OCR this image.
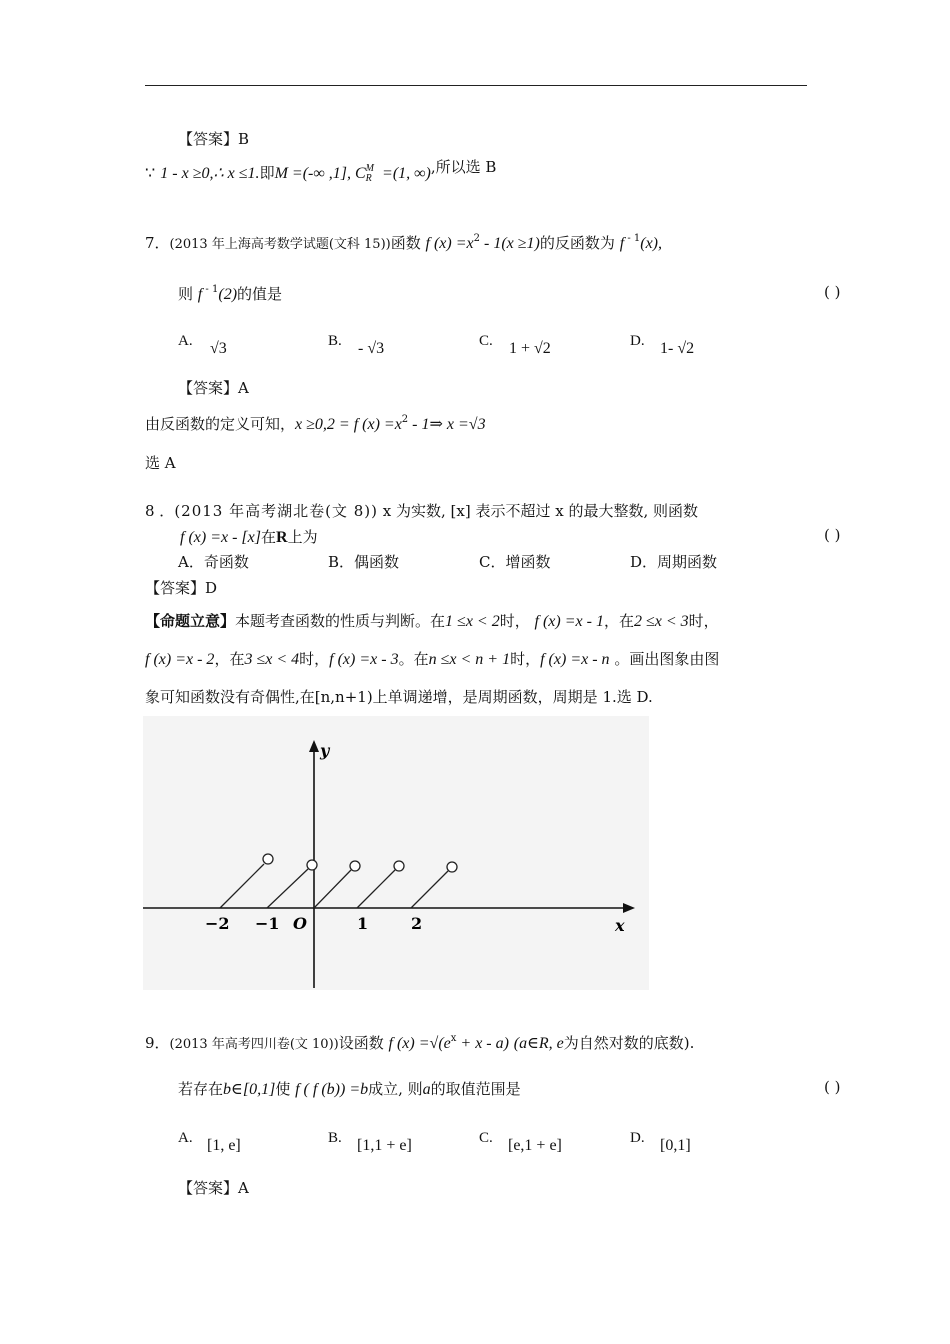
【答案】B
∵ 1 - x ≥0,∴ x ≤1.即M =(-∞ ,1], C M
R =(1, ∞),所以选 B
7．(2013 年上海高考数学试题(文科 15))函数 f $(x) =x^2 - 1(x \ge 1)$的反函数为 f $^{- 1}$(x),
则 f $^{- 1}$(2)的值是	( )
A. √3	B. - √3	C. 1 + √2	D. 1- √2
【答案】A
由反函数的定义可知，x ≥0,2 = f $(x) =x^2$ - 1⇒ x =√3
选 A
8 ．(2013 年高考湖北卷(文 8)) x 为实数, [x] 表示不超过 x 的最大整数, 则函数
f (x) =x - [x]在R上为	( )
A．奇函数	B．偶函数	C．增函数	D．周期函数
【答案】D
【命题立意】本题考查函数的性质与判断。在1 ≤x < 2时， f (x) =x - 1，在2 ≤x < 3时，
f (x) =x - 2，在3 ≤x < 4时，f (x) =x - 3。在n ≤x < n + 1时，f (x) =x - n 。画出图象由图
象可知函数没有奇偶性,在[n,n+1)上单调递增，是周期函数，周期是 1.选 D.
y
x
O
−2 −1	1	2
9．(2013 年高考四川卷(文 10))设函数 f $(x) =√(e^x + x - a)$ (a∈R, e为自然对数的底数).
若存在b∈[0,1]使 f ( f (b)) =b成立, 则a的取值范围是	( )
A. [1, e]	B. [1,1 + e]	C. [e,1 + e]	D. [0,1]
【答案】A
